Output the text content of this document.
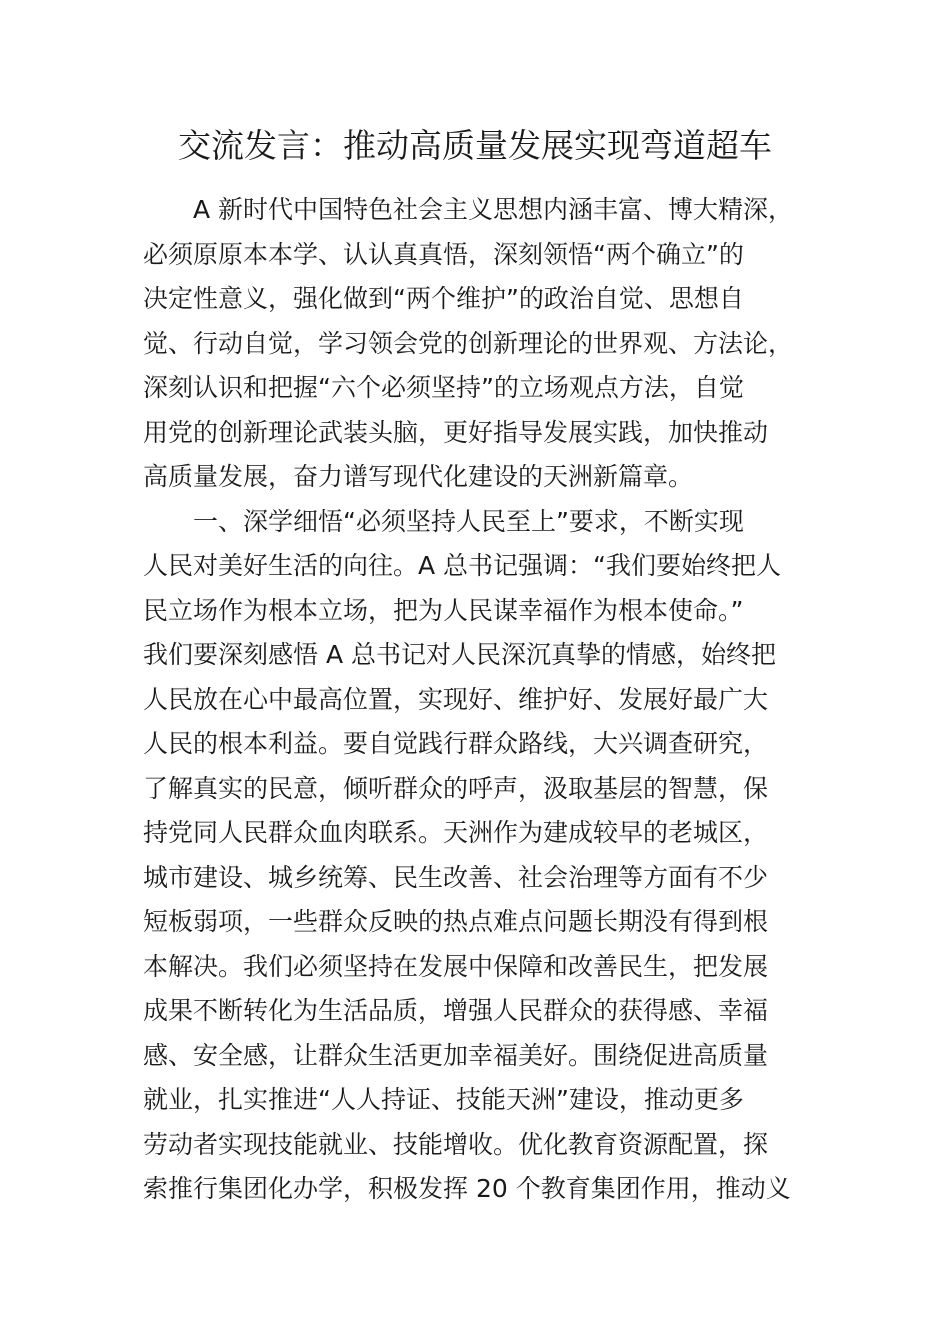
交流发言：推动高质量发展实现弯道超车
A 新时代中国特色社会主义思想内涵丰富、博大精深，
必须原原本本学、认认真真悟，深刻领悟“两个确立”的
决定性意义，强化做到“两个维护”的政治自觉、思想自
觉、行动自觉，学习领会党的创新理论的世界观、方法论，
深刻认识和把握“六个必须坚持”的立场观点方法，自觉
用党的创新理论武装头脑，更好指导发展实践，加快推动
高质量发展，奋力谱写现代化建设的天洲新篇章。
一、深学细悟“必须坚持人民至上”要求，不断实现
人民对美好生活的向往。A 总书记强调：“我们要始终把人
民立场作为根本立场，把为人民谋幸福作为根本使命。”
我们要深刻感悟 A 总书记对人民深沉真挚的情感，始终把
人民放在心中最高位置，实现好、维护好、发展好最广大
人民的根本利益。要自觉践行群众路线，大兴调查研究，
了解真实的民意，倾听群众的呼声，汲取基层的智慧，保
持党同人民群众血肉联系。天洲作为建成较早的老城区，
城市建设、城乡统筹、民生改善、社会治理等方面有不少
短板弱项，一些群众反映的热点难点问题长期没有得到根
本解决。我们必须坚持在发展中保障和改善民生，把发展
成果不断转化为生活品质，增强人民群众的获得感、幸福
感、安全感，让群众生活更加幸福美好。围绕促进高质量
就业，扎实推进“人人持证、技能天洲”建设，推动更多
劳动者实现技能就业、技能增收。优化教育资源配置，探
索推行集团化办学，积极发挥 20 个教育集团作用，推动义
